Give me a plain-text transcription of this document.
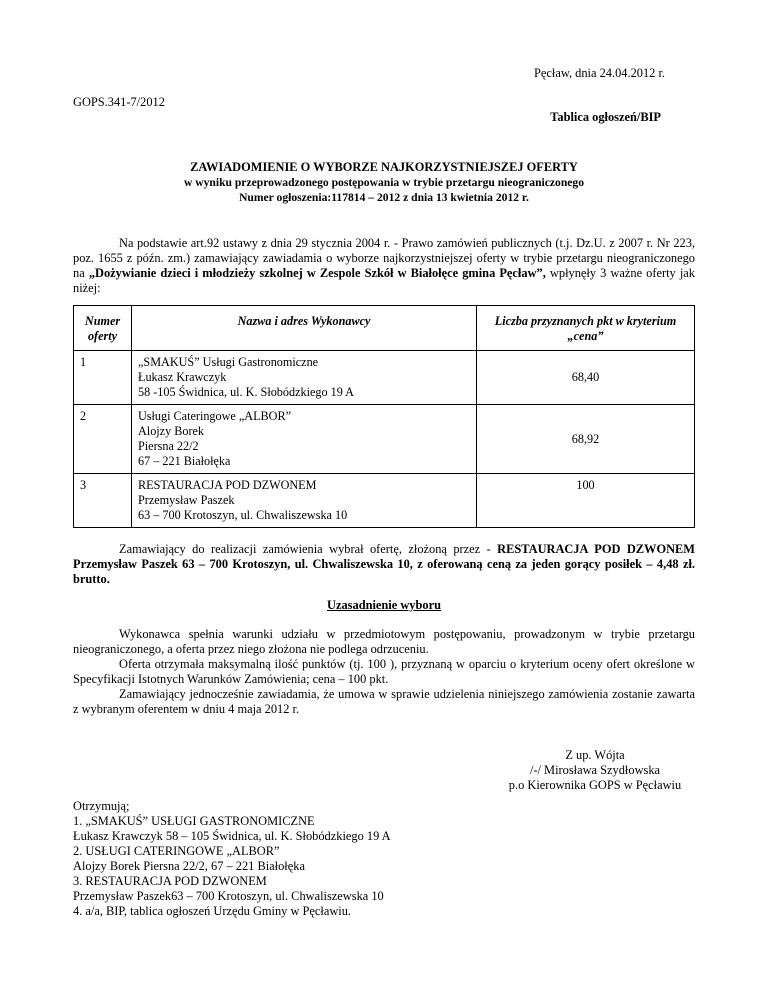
Pęcław, dnia 24.04.2012 r.
GOPS.341-7/2012
Tablica ogłoszeń/BIP
ZAWIADOMIENIE O WYBORZE NAJKORZYSTNIEJSZEJ OFERTY
w wyniku przeprowadzonego postępowania w trybie przetargu nieograniczonego
Numer ogłoszenia:117814 – 2012 z dnia 13 kwietnia 2012 r.
Na podstawie art.92 ustawy z dnia 29 stycznia 2004 r. - Prawo zamówień publicznych (t.j. Dz.U. z 2007 r. Nr 223, poz. 1655 z późn. zm.) zamawiający zawiadamia o wyborze najkorzystniejszej oferty w trybie przetargu nieograniczonego na „Dożywianie dzieci i młodzieży szkolnej w Zespole Szkół w Białołęce gmina Pęcław”, wpłynęły 3 ważne oferty jak niżej:
Numer oferty	Nazwa i adres Wykonawcy	Liczba przyznanych pkt w kryterium „cena”
1	„SMAKUŚ” Usługi Gastronomiczne
Łukasz Krawczyk
58 -105 Świdnica, ul. K. Słobódzkiego 19 A	68,40
2	Usługi Cateringowe „ALBOR”
Alojzy Borek
Piersna 22/2
67 – 221 Białołęka	68,92
3	RESTAURACJA POD DZWONEM
Przemysław Paszek
63 – 700 Krotoszyn, ul. Chwaliszewska 10	100
Zamawiający do realizacji zamówienia wybrał ofertę, złożoną przez - RESTAURACJA POD DZWONEM Przemysław Paszek 63 – 700 Krotoszyn, ul. Chwaliszewska 10, z oferowaną ceną za jeden gorący posiłek – 4,48 zł. brutto.
Uzasadnienie wyboru

Wykonawca spełnia warunki udziału w przedmiotowym postępowaniu, prowadzonym w trybie przetargu nieograniczonego, a oferta przez niego złożona nie podlega odrzuceniu.

Oferta otrzymała maksymalną ilość punktów (tj. 100 ), przyznaną w oparciu o kryterium oceny ofert określone w Specyfikacji Istotnych Warunków Zamówienia; cena – 100 pkt.

Zamawiający jednocześnie zawiadamia, że umowa w sprawie udzielenia niniejszego zamówienia zostanie zawarta z wybranym oferentem w dniu 4 maja 2012 r.

Z up. Wójta
/-/ Mirosława Szydłowska
p.o Kierownika GOPS w Pęcławiu
Otrzymują;
1. „SMAKUŚ” USŁUGI GASTRONOMICZNE
Łukasz Krawczyk 58 – 105 Świdnica, ul. K. Słobódzkiego 19 A
2. USŁUGI CATERINGOWE „ALBOR”
Alojzy Borek Piersna 22/2, 67 – 221 Białołęka
3. RESTAURACJA POD DZWONEM
Przemysław Paszek63 – 700 Krotoszyn, ul. Chwaliszewska 10
4. a/a, BIP, tablica ogłoszeń Urzędu Gminy w Pęcławiu.
